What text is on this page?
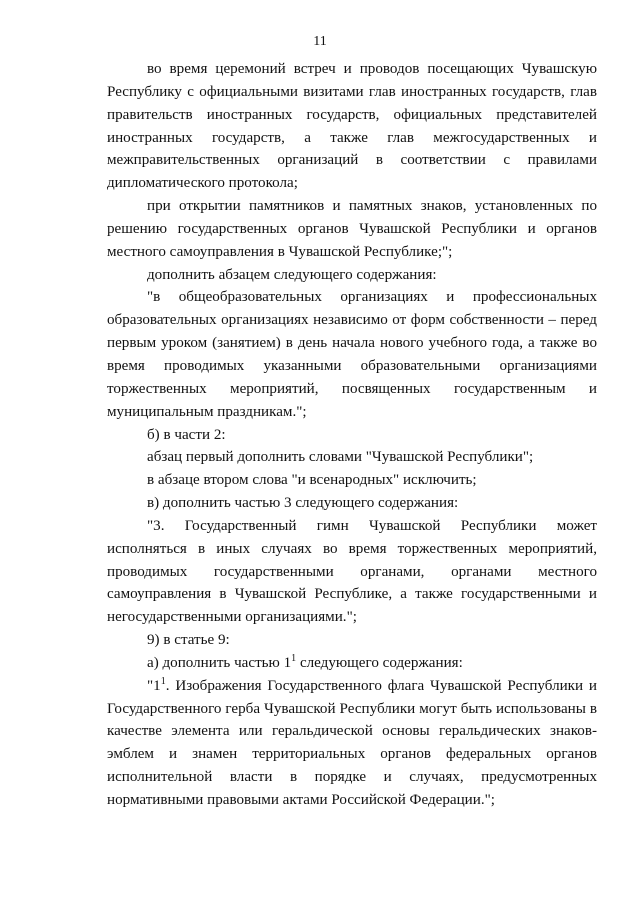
11

во время церемоний встреч и проводов посещающих Чувашскую Республику с официальными визитами глав иностранных государств, глав правительств иностранных государств, официальных представителей иностранных государств, а также глав межгосударственных и межправительственных организаций в соответствии с правилами дипломатического протокола;

при открытии памятников и памятных знаков, установленных по решению государственных органов Чувашской Республики и органов местного самоуправления в Чувашской Республике;";

дополнить абзацем следующего содержания:

"в общеобразовательных организациях и профессиональных образовательных организациях независимо от форм собственности – перед первым уроком (занятием) в день начала нового учебного года, а также во время проводимых указанными образовательными организациями торжественных мероприятий, посвященных государственным и муниципальным праздникам.";

б) в части 2:

абзац первый дополнить словами "Чувашской Республики";

в абзаце втором слова "и всенародных" исключить;

в) дополнить частью 3 следующего содержания:

"3. Государственный гимн Чувашской Республики может исполняться в иных случаях во время торжественных мероприятий, проводимых государственными органами, органами местного самоуправления в Чувашской Республике, а также государственными и негосударственными организациями.";

9) в статье 9:

а) дополнить частью $1^1$ следующего содержания:

"$1^1$. Изображения Государственного флага Чувашской Республики и Государственного герба Чувашской Республики могут быть использованы в качестве элемента или геральдической основы геральдических знаков-эмблем и знамен территориальных органов федеральных органов исполнительной власти в порядке и случаях, предусмотренных нормативными правовыми актами Российской Федерации.";
